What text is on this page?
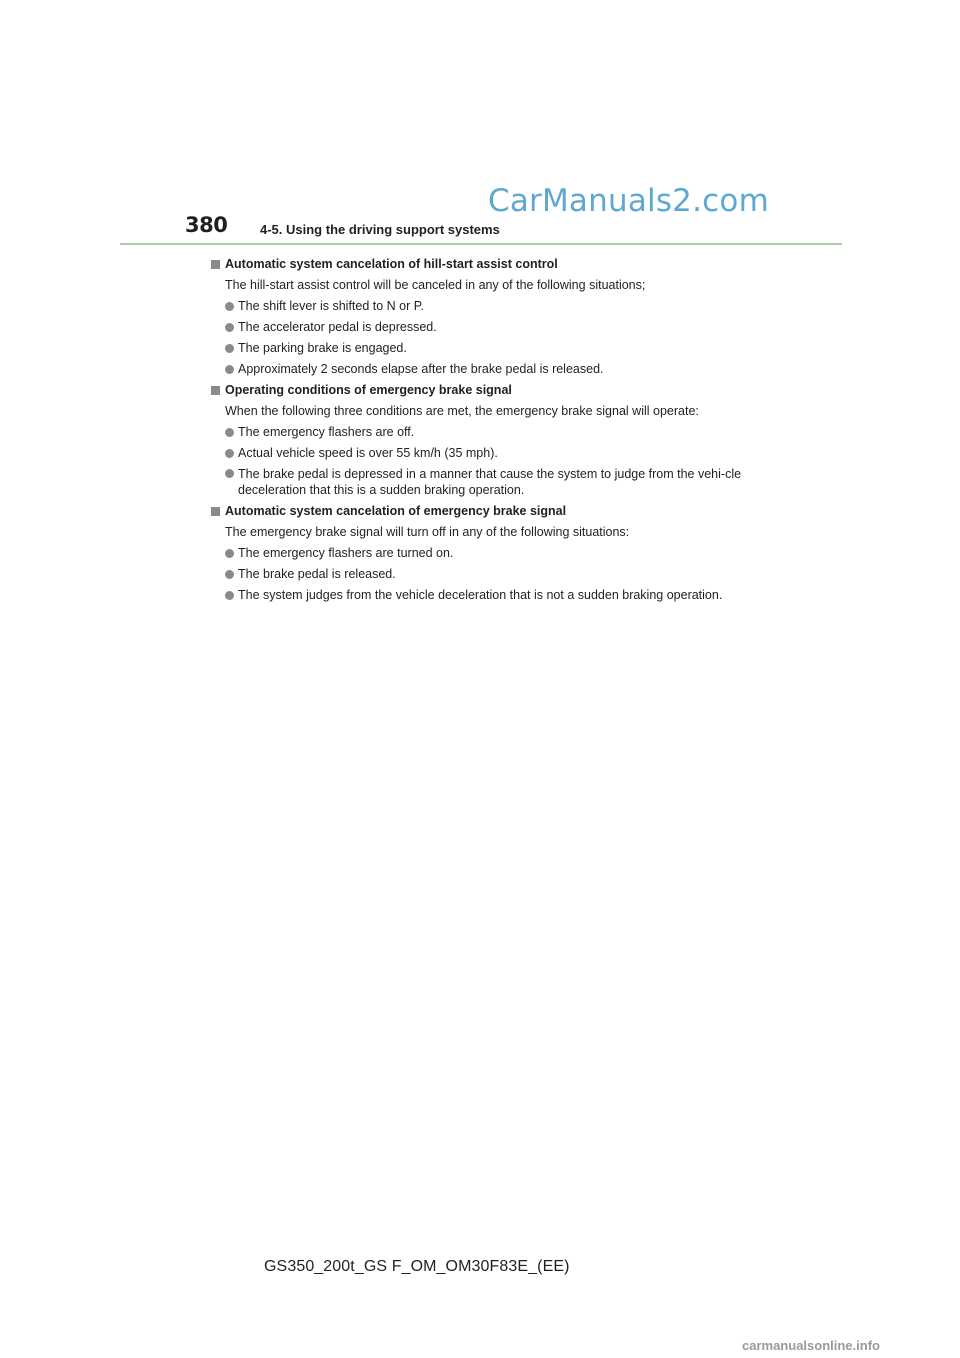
CarManuals2.com
380	4-5. Using the driving support systems
Automatic system cancelation of hill-start assist control
The hill-start assist control will be canceled in any of the following situations;
The shift lever is shifted to N or P.
The accelerator pedal is depressed.
The parking brake is engaged.
Approximately 2 seconds elapse after the brake pedal is released.
Operating conditions of emergency brake signal
When the following three conditions are met, the emergency brake signal will operate:
The emergency flashers are off.
Actual vehicle speed is over 55 km/h (35 mph).
The brake pedal is depressed in a manner that cause the system to judge from the vehi-cle deceleration that this is a sudden braking operation.
Automatic system cancelation of emergency brake signal
The emergency brake signal will turn off in any of the following situations:
The emergency flashers are turned on.
The brake pedal is released.
The system judges from the vehicle deceleration that is not a sudden braking operation.
GS350_200t_GS F_OM_OM30F83E_(EE)
carmanualsonline.info
